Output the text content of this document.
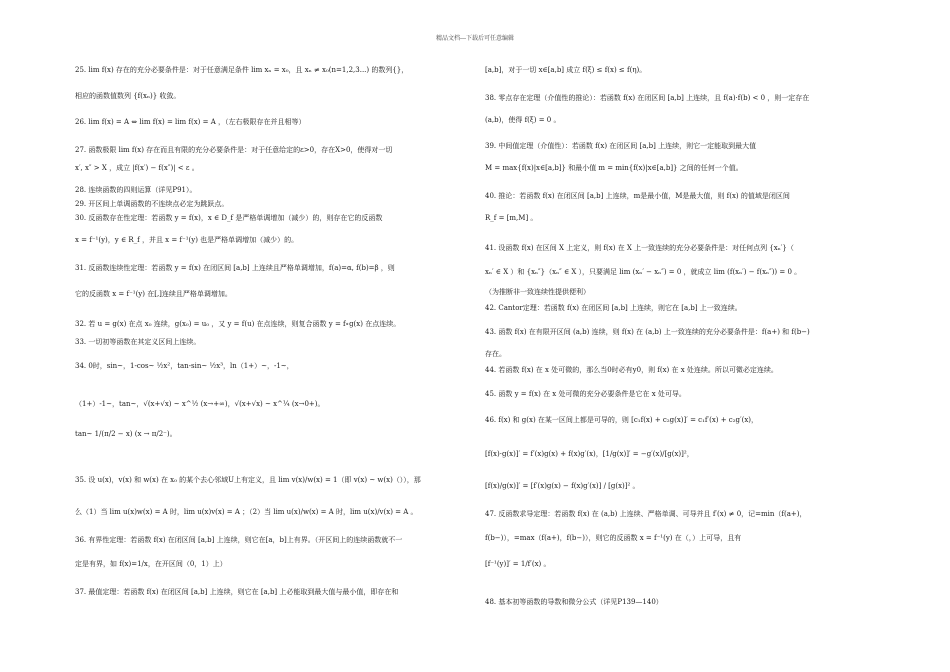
精品文档---下载后可任意编辑
25. lim f(x) 存在的充分必要条件是：对于任意满足条件 lim xₙ = x₀，且 xₙ ≠ x₀(n=1,2,3...) 的数列{}，
相应的函数值数列 {f(xₙ)} 收敛。
26. lim f(x) = A ⇔ lim f(x) = lim f(x) = A ，（左右极限存在并且相等）
27. 函数极限 lim f(x) 存在而且有限的充分必要条件是：对于任意给定的ε>0，存在X>0，使得对一切
x′, x″ > X ，成立 |f(x′) − f(x″)| < ε 。
28. 连续函数的四则运算（详见P91）。
29. 开区间上单调函数的不连续点必定为跳跃点。
30. 反函数存在性定理：若函数 y = f(x)，x ∈ D_f 是严格单调增加（减少）的，则存在它的反函数
x = f⁻¹(y)，y ∈ R_f ，并且 x = f⁻¹(y) 也是严格单调增加（减少）的。
31. 反函数连续性定理：若函数 y = f(x) 在闭区间 [a,b] 上连续且严格单调增加，f(a)=α, f(b)=β ，则
它的反函数 x = f⁻¹(y) 在[,]连续且严格单调增加。
32. 若 u = g(x) 在点 x₀ 连续，g(x₀) = u₀ ，又 y = f(u) 在点连续，则复合函数 y = f∘g(x) 在点连续。
33. 一切初等函数在其定义区间上连续。
34. 0时，sin~，1-cos~ ½x²，tan-sin~ ½x³，ln（1+）~，-1~，
（1+）-1~，tan~，√(x+√x) ~ x^½ (x→+∞)，√(x+√x) ~ x^¼ (x→0+)。
tan~ 1/(π/2 − x) (x → π/2⁻)。
35. 设 u(x)，v(x) 和 w(x) 在 x₀ 的某个去心邻域U上有定义，且 lim v(x)/w(x) = 1（即 v(x) ~ w(x)（）），那
么（1）当 lim u(x)w(x) = A 时，lim u(x)v(x) = A ；（2）当 lim u(x)/w(x) = A 时，lim u(x)/v(x) = A 。
36. 有界性定理：若函数 f(x) 在闭区间 [a,b] 上连续，则它在[a，b]上有界。（开区间上的连续函数就不一
定是有界，如 f(x)=1/x，在开区间（0，1）上）
37. 最值定理：若函数 f(x) 在闭区间 [a,b] 上连续，则它在 [a,b] 上必能取到最大值与最小值，即存在和
[a,b]，对于一切 x∈[a,b] 成立 f(ξ) ≤ f(x) ≤ f(η)。
38. 零点存在定理（介值性的推论）：若函数 f(x) 在闭区间 [a,b] 上连续，且 f(a)·f(b) < 0 ，则一定存在
(a,b)，使得 f(ξ) = 0 。
39. 中间值定理（介值性）：若函数 f(x) 在闭区间 [a,b] 上连续，则它一定能取到最大值
M = max{f(x)|x∈[a,b]} 和最小值 m = min{f(x)|x∈[a,b]} 之间的任何一个值。
40. 推论：若函数 f(x) 在闭区间 [a,b] 上连续，m是最小值，M是最大值，则 f(x) 的值域是闭区间
R_f = [m,M] 。
41. 设函数 f(x) 在区间 X 上定义，则 f(x) 在 X 上一致连续的充分必要条件是：对任何点列 {xₙ′}（
xₙ′ ∈ X ）和 {xₙ″}（xₙ″ ∈ X ），只要满足 lim (xₙ′ − xₙ″) = 0 ，就成立 lim (f(xₙ′) − f(xₙ″)) = 0 。
（为推断非一致连续性提供便利）
42. Cantor定理：若函数 f(x) 在闭区间 [a,b] 上连续，则它在 [a,b] 上一致连续。
43. 函数 f(x) 在有限开区间 (a,b) 连续，则 f(x) 在 (a,b) 上一致连续的充分必要条件是：f(a+) 和 f(b−)
存在。
44. 若函数 f(x) 在 x 处可微的，那么当0时必有y0，则 f(x) 在 x 处连续。所以可微必定连续。
45. 函数 y = f(x) 在 x 处可微的充分必要条件是它在 x 处可导。
46. f(x) 和 g(x) 在某一区间上都是可导的，则 [c₁f(x) + c₂g(x)]′ = c₁f′(x) + c₂g′(x)，
[f(x)·g(x)]′ = f′(x)g(x) + f(x)g′(x)，[1/g(x)]′ = −g′(x)/[g(x)]²，
[f(x)/g(x)]′ = [f′(x)g(x) − f(x)g′(x)] / [g(x)]² 。
47. 反函数求导定理：若函数 f(x) 在 (a,b) 上连续、严格单调、可导并且 f′(x) ≠ 0，记=min（f(a+)，
f(b−)），=max（f(a+)，f(b−)），则它的反函数 x = f⁻¹(y) 在（，）上可导，且有
[f⁻¹(y)]′ = 1/f′(x) 。
48. 基本初等函数的导数和微分公式（详见P139—140）
